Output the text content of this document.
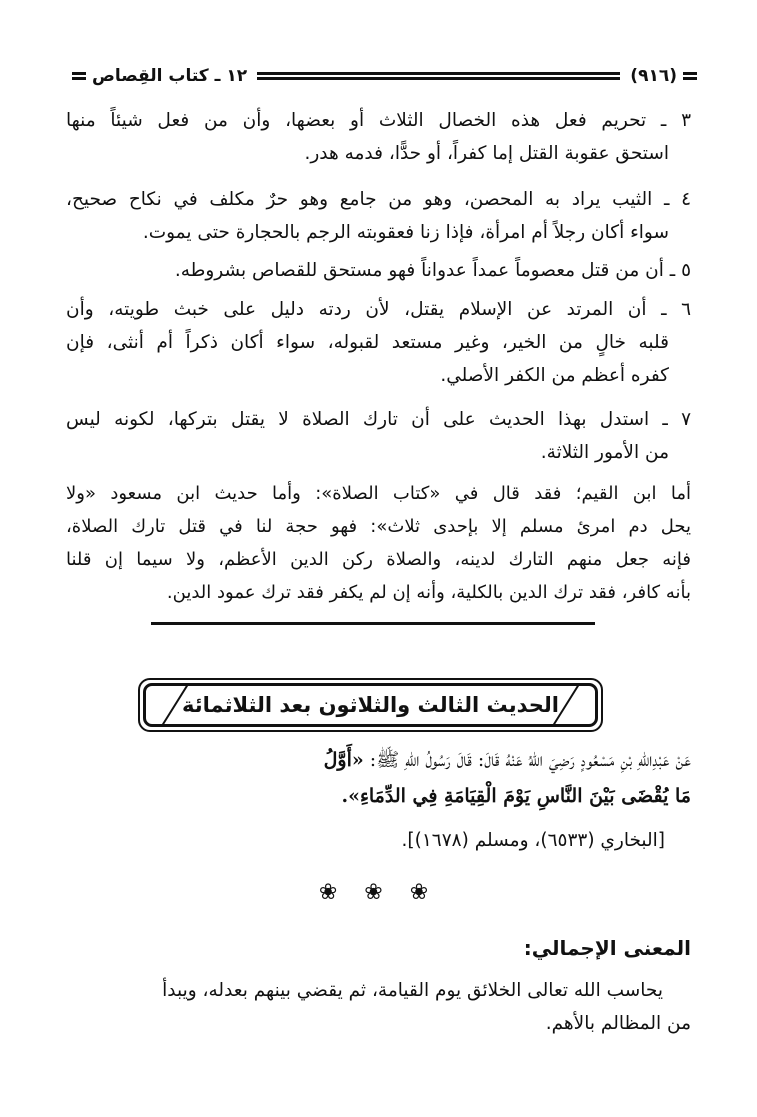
(٩١٦)
١٢ ـ كتاب القِصاص
٣ ـ تحريم فعل هذه الخصال الثلاث أو بعضها، وأن من فعل شيئاً منها
استحق عقوبة القتل إما كفراً، أو حدًّا، فدمه هدر.
٤ ـ الثيب يراد به المحصن، وهو من جامع وهو حرٌ مكلف في نكاح صحيح،
سواء أكان رجلاً أم امرأة، فإذا زنا فعقوبته الرجم بالحجارة حتى يموت.
٥ ـ أن من قتل معصوماً عمداً عدواناً فهو مستحق للقصاص بشروطه.
٦ ـ أن المرتد عن الإسلام يقتل، لأن ردته دليل على خبث طويته، وأن
قلبه خالٍ من الخير، وغير مستعد لقبوله، سواء أكان ذكراً أم أنثى، فإن
كفره أعظم من الكفر الأصلي.
٧ ـ استدل بهذا الحديث على أن تارك الصلاة لا يقتل بتركها، لكونه ليس
من الأمور الثلاثة.
أما ابن القيم؛ فقد قال في «كتاب الصلاة»: وأما حديث ابن مسعود «ولا
يحل دم امرئ مسلم إلا بإحدى ثلاث»: فهو حجة لنا في قتل تارك الصلاة،
فإنه جعل منهم التارك لدينه، والصلاة ركن الدين الأعظم، ولا سيما إن قلنا
بأنه كافر، فقد ترك الدين بالكلية، وأنه إن لم يكفر فقد ترك عمود الدين.
الحديث الثالث والثلاثون بعد الثلاثمائة
عَنْ عَبْدِاللهِ بْنِ مَسْعُودٍ رَضِيَ اللهُ عَنْهُ قَالَ: قَالَ رَسُولُ اللهِ ﷺ: «أَوَّلُ
مَا يُقْضَى بَيْنَ النَّاسِ يَوْمَ الْقِيَامَةِ فِي الدِّمَاءِ».
[البخاري (٦٥٣٣)، ومسلم (١٦٧٨)].
❀ ❀ ❀
المعنى الإجمالي:
يحاسب الله تعالى الخلائق يوم القيامة، ثم يقضي بينهم بعدله، ويبدأ
من المظالم بالأهم.
